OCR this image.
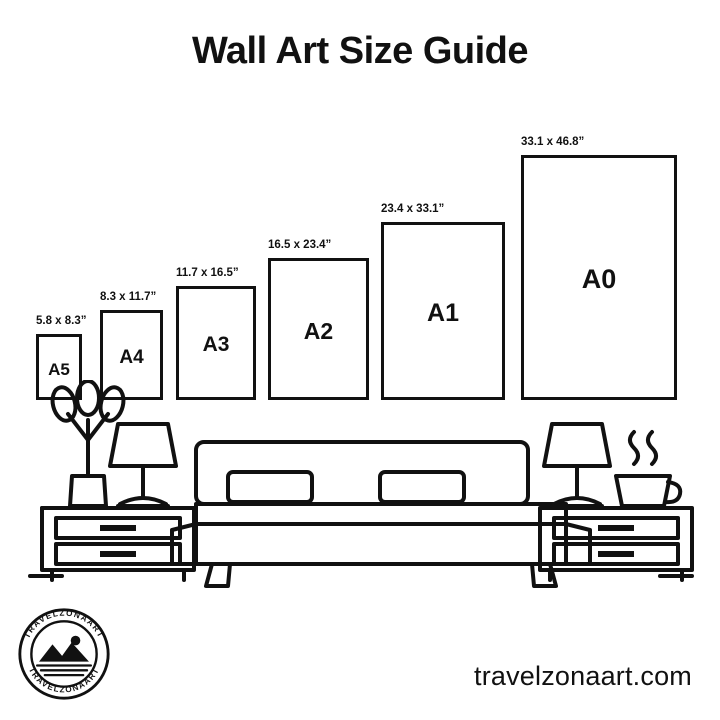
Wall Art Size Guide
5.8 x 8.3”
A5
8.3 x 11.7”
A4
11.7 x 16.5”
A3
16.5 x 23.4”
A2
23.4 x 33.1”
A1
33.1 x 46.8”
A0
travelzonaart.com
TRAVELZONAART
TRAVELZONAART
